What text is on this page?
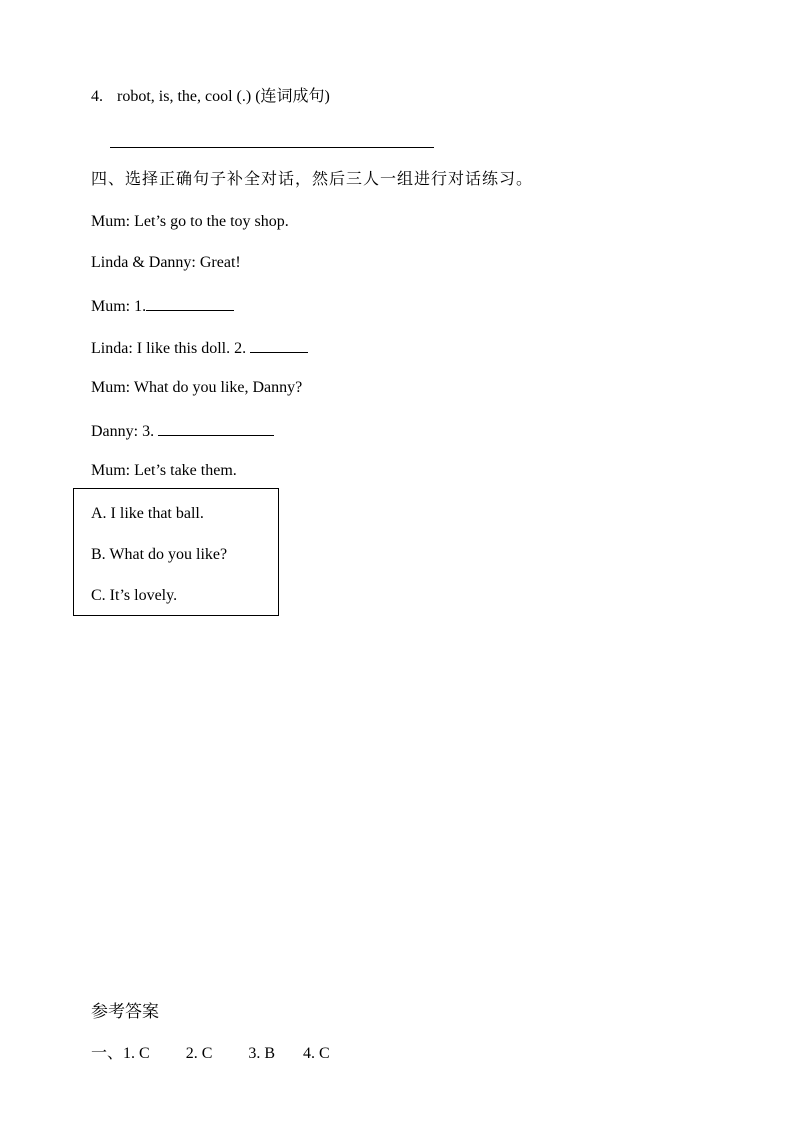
4. robot, is, the, cool (.) (连词成句)
四、选择正确句子补全对话，然后三人一组进行对话练习。
Mum: Let’s go to the toy shop.
Linda & Danny: Great!
Mum: 1.
Linda: I like this doll. 2.
Mum: What do you like, Danny?
Danny: 3.
Mum: Let’s take them.
A. I like that ball.
B. What do you like?
C. It’s lovely.
参考答案
一、1. C 2. C 3. B 4. C
